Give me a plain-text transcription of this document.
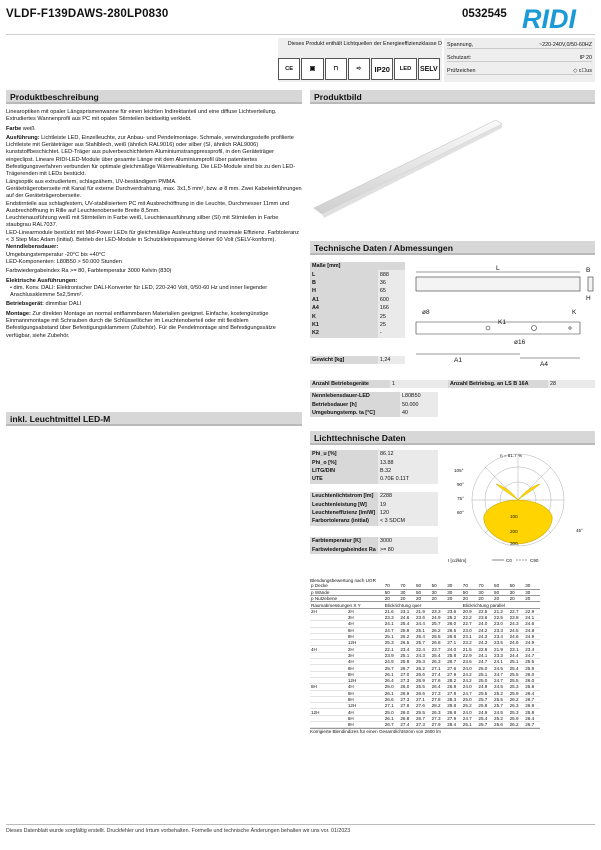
VLDF-F139DAWS-280LP0830	0532545 RIDI
Dieses Produkt enthält Lichtquellen der Energieeffizienzklasse D
CE	▣	⊓	➪	IP20	LED	SELV
Spannung,	~220-240V,0/50-60HZ
Schutzart:	IP 20
Prüfzeichen	◇ c☐us
Produktbeschreibung	Produktbild
Linearoptiken mit opaler Längsprismenwanne für einen leichten Indirektanteil und eine diffuse Lichtverteilung. Extrudiertes Wannenprofil aus PC mit opalen Stirnteilen beidseitig verklebt.
Farbe weiß
Ausführung: Lichtleiste LED, Einzelleuchte, zur Anbau- und Pendelmontage. Schmale, verwindungssteife profilierte Lichtleiste mit Geräteträger aus Stahlblech, weiß (ähnlich RAL9016) oder silber (SI, ähnlich RAL9006) kunststoffbeschichtet. LED-Träger aus pulverbeschichtetem Aluminiumstrangpressprofil, in den Geräteträger eingeclipst. Lineare RIDI-LED-Module über gesamte Länge mit dem Aluminiumprofil über patentiertes Befestigungsverfahren verbunden für optimale gleichmäßige Wärmeableitung. Die LED-Module sind bis zu den LED-Trägerenden mit LEDs bestückt.
Längsoptik aus extrudiertem, schlagzähem, UV-beständigem PMMA.
Geräteträgeroberseite mit Kanal für externe Durchverdrahtung, max. 3x1,5 mm², bzw. ø 8 mm. Zwei Kabeleinführungen auf der Geräteträgeroberseite.
Endstirnteile aus schlagfestem, UV-stabilisiertem PC mit Ausbrechöffnung in die Leuchte, Durchmesser 11mm und Ausbrechöffnung in Rille auf Leuchtenoberseite Breite 8,5mm.
Leuchtenausführung weiß mit Stirnteilen in Farbe weiß, Leuchtenausführung silber (SI) mit Stirnteilen in Farbe staubgrau RAL7037.
LED-Linearmodule bestückt mit Mid-Power LEDs für gleichmäßige Ausleuchtung und maximale Effizienz. Farbtoleranz < 3 Step Mac Adam (initial). Betrieb der LED-Module in Schutzkleinspannung kleiner 60 Volt (SELV-konform).
Nenndlebensdauer:
Umgebungstemperatur -20°C bis +40°C
LED-Komponenten: L80B50 > 50.000 Stunden
Farbwiedergabeindex Ra >= 80, Farbtemperatur 3000 Kelvin (830)
Elektrische Ausführungen:
• dim. Konv. DALI: Elektronischer DALI-Konverter für LED, 220-240 Volt, 0/50-60 Hz und inner liegender Anschlussklemme 5x2,5mm².
Betriebsgerät: dimmbar DALI
Montage: Zur direkten Montage an normal entflammbaren Materialien geeignet. Einfache, kostengünstige Einmannmontage mit Schrauben durch die Schlüssellöcher im Leuchtenoberteil oder mit flexiblem Befestigungsabstand über Befestigungsklammern (Zubehör). Für die Pendelmontage sind Befestigungssätze verfügbar, siehe Zubehör.
inkl. Leuchtmittel LED-M
Technische Daten / Abmessungen
Maße [mm]	
L	888
B	36
H	65
A1	600
A4	166
K	25
K1	25
K2	-

Gewicht [kg]	1,24
L	B
H
ø8
ø16
K
K1
A1
A4
Anzahl Betriebsgeräte	1	Anzahl Betriebsg. an LS B 16A	28
Nennlebensdauer-LED	L80B50
Betriebsdauer [h]	50.000
Umgebungstemp. ta [°C]	40
Lichttechnische Daten
Phi_u [%]	86.12
Phi_o [%]	13.88
LITG/DIN	B.32
UTE	0.70E 0.11T
Leuchtenlichtstrom [lm]	2288
Leuchtenleistung [W]	19
Leuchteneffizienz [lm/W]	120
Farbortoleranz (initial)	< 3 SDCM
Farbtemperatur [K]	3000
Farbwiedergabeindex Ra	>= 80
η = 81.7 %
105°
90°
75°
60°
45°
100
200
300
I [cd/klm]	C0	C90
Blendungsbewertung nach UGR
p Decke		70	70	50	50	30	70	70	50	50	30
p Wände		50	30	50	30	30	50	30	50	30	30
p Nutzebene		20	20	20	20	20	20	20	20	20	20
Raumabmessungen X Y		Blickrichtung quer					Blickrichtung parallel				
2H	2H	21.6	23.1	21.9	23.3	23.6	20.9	22.5	21.2	22.7	22.9
	3H	23.3	24.6	23.6	24.9	25.2	22.2	23.6	22.5	23.8	24.1
	4H	24.1	25.4	24.4	25.7	26.0	22.7	24.0	23.0	24.3	24.6
	6H	24.7	25.9	25.1	26.2	26.5	23.0	24.2	23.3	24.5	24.8
	8H	25.1	26.2	25.4	26.5	26.8	23.1	24.3	23.4	24.6	24.9
	12H	25.3	26.5	25.7	26.8	27.1	23.2	24.3	23.5	24.6	24.9
4H	2H	22.1	23.4	22.4	23.7	24.0	21.5	22.8	21.9	23.1	23.4
	3H	23.9	25.1	24.3	25.4	25.8	22.9	24.1	23.3	24.4	24.7
	4H	24.9	25.9	25.3	26.3	26.7	23.6	24.7	24.1	25.1	25.5
	6H	25.7	26.7	26.2	27.1	27.6	24.0	25.0	24.5	25.4	25.9
	8H	26.1	27.0	26.6	27.4	27.9	24.2	25.1	24.7	25.5	26.0
	12H	26.4	27.3	26.9	27.6	28.2	24.2	25.0	24.7	25.5	26.0
8H	4H	25.0	26.0	25.5	26.4	26.8	24.0	24.9	24.5	25.3	25.8
	6H	26.1	26.9	26.6	27.3	27.8	24.7	25.5	25.2	25.9	26.4
	8H	26.6	27.3	27.1	27.8	28.3	25.0	25.7	25.5	26.2	26.7
	12H	27.1	27.8	27.6	28.2	28.8	25.2	25.8	25.7	26.3	26.9
12H	4H	25.0	26.0	25.5	26.3	26.8	24.0	24.9	24.5	25.3	25.8
	6H	26.1	26.8	26.7	27.3	27.9	24.7	25.4	25.2	25.9	26.4
	8H	26.7	27.4	27.3	27.9	28.4	25.1	25.7	25.6	26.2	26.7
Korrigierte Blendindizes für einen Gesamtlichtstrom von 2600 lm
Dieses Datenblatt wurde sorgfältig erstellt. Druckfehler und Irrtum vorbehalten. Formelle und technische Änderungen behalten wir uns vor. 01/2023
